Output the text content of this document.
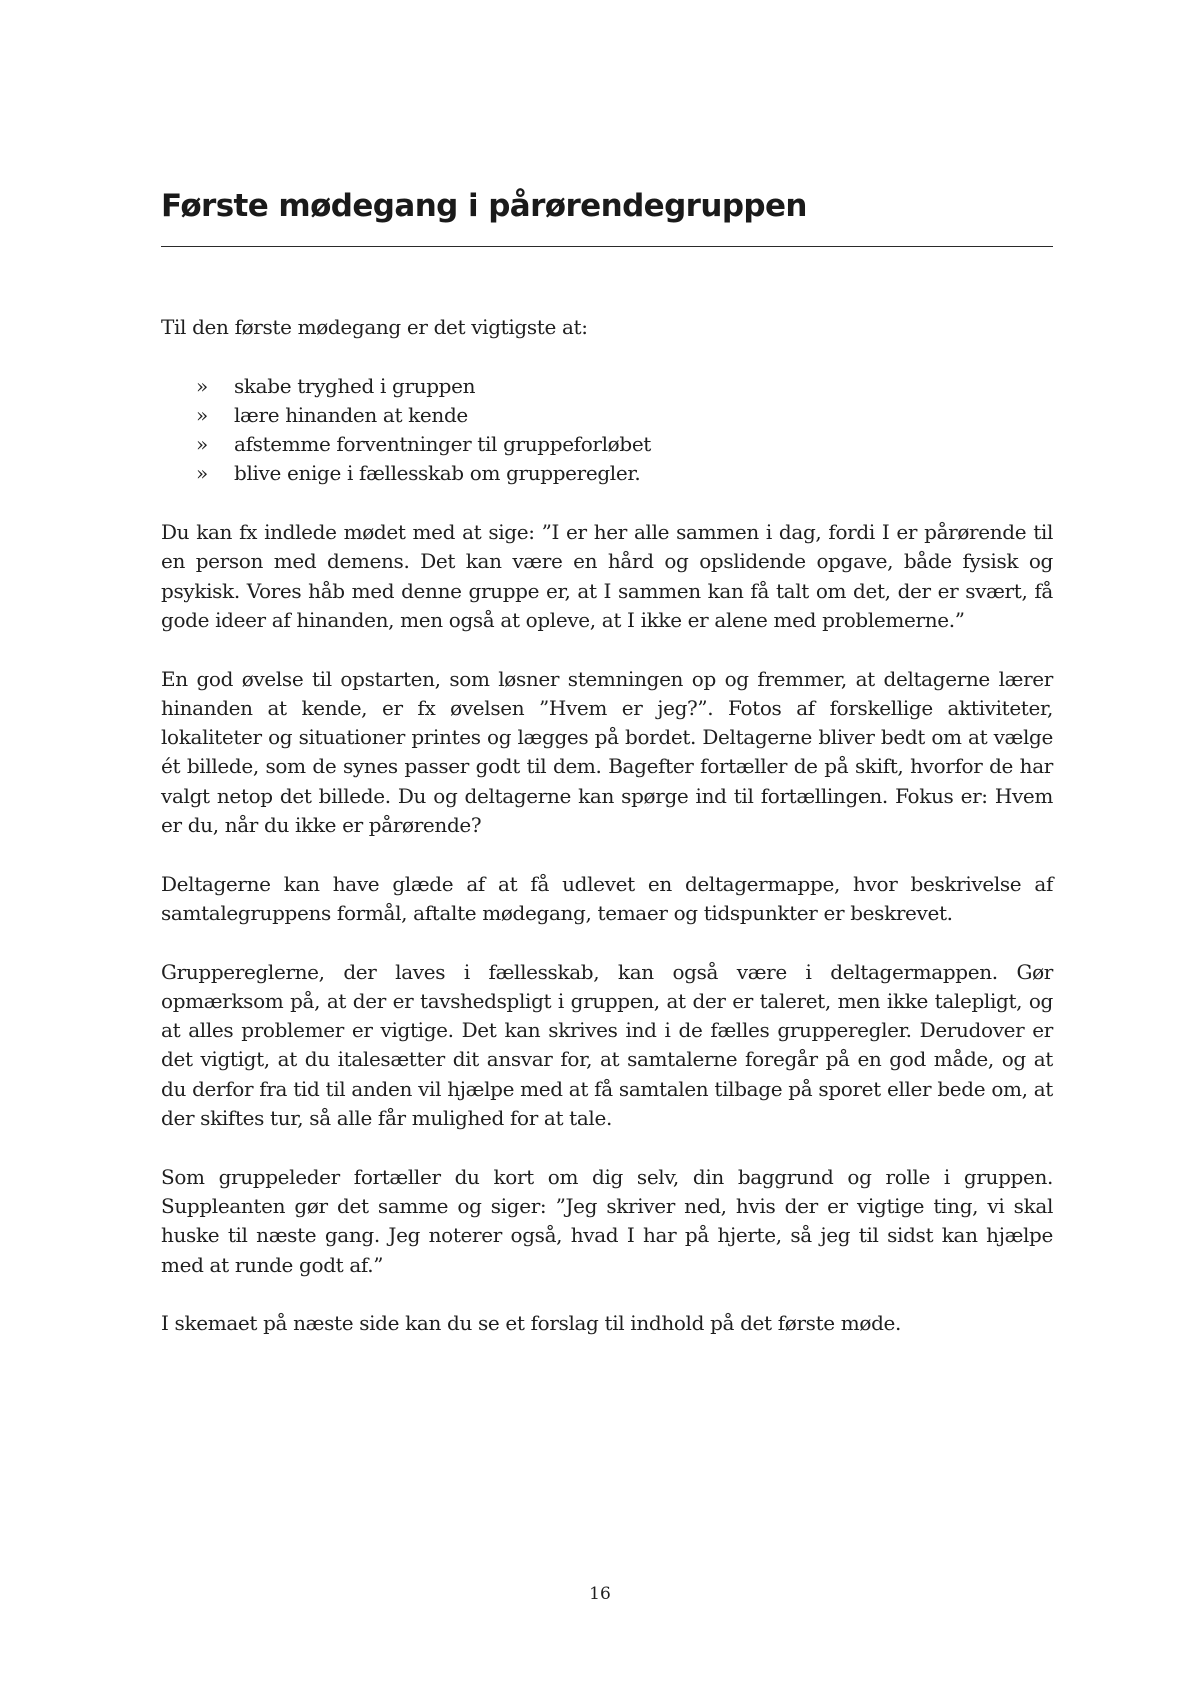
Første mødegang i pårørendegruppen

Til den første mødegang er det vigtigste at:

» skabe tryghed i gruppen
» lære hinanden at kende
» afstemme forventninger til gruppeforløbet
» blive enige i fællesskab om grupperegler.

Du kan fx indlede mødet med at sige: ”I er her alle sammen i dag, fordi I er pårørende til en person med demens. Det kan være en hård og opslidende opgave, både fysisk og psykisk. Vores håb med denne gruppe er, at I sammen kan få talt om det, der er svært, få gode ideer af hinanden, men også at opleve, at I ikke er alene med problemerne.”

En god øvelse til opstarten, som løsner stemningen op og fremmer, at deltagerne lærer hinanden at kende, er fx øvelsen ”Hvem er jeg?”. Fotos af forskellige aktiviteter, lokaliteter og situationer printes og lægges på bordet. Deltagerne bliver bedt om at vælge ét billede, som de synes passer godt til dem. Bagefter fortæller de på skift, hvorfor de har valgt netop det billede. Du og deltagerne kan spørge ind til fortællingen. Fokus er: Hvem er du, når du ikke er pårørende?

Deltagerne kan have glæde af at få udlevet en deltagermappe, hvor beskrivelse af samtalegruppens formål, aftalte mødegang, temaer og tidspunkter er beskrevet.

Gruppereglerne, der laves i fællesskab, kan også være i deltagermappen. Gør opmærksom på, at der er tavshedspligt i gruppen, at der er taleret, men ikke talepligt, og at alles problemer er vigtige. Det kan skrives ind i de fælles grupperegler. Derudover er det vigtigt, at du italesætter dit ansvar for, at samtalerne foregår på en god måde, og at du derfor fra tid til anden vil hjælpe med at få samtalen tilbage på sporet eller bede om, at der skiftes tur, så alle får mulighed for at tale.

Som gruppeleder fortæller du kort om dig selv, din baggrund og rolle i gruppen. Suppleanten gør det samme og siger: ”Jeg skriver ned, hvis der er vigtige ting, vi skal huske til næste gang. Jeg noterer også, hvad I har på hjerte, så jeg til sidst kan hjælpe med at runde godt af.”

I skemaet på næste side kan du se et forslag til indhold på det første møde.

16
